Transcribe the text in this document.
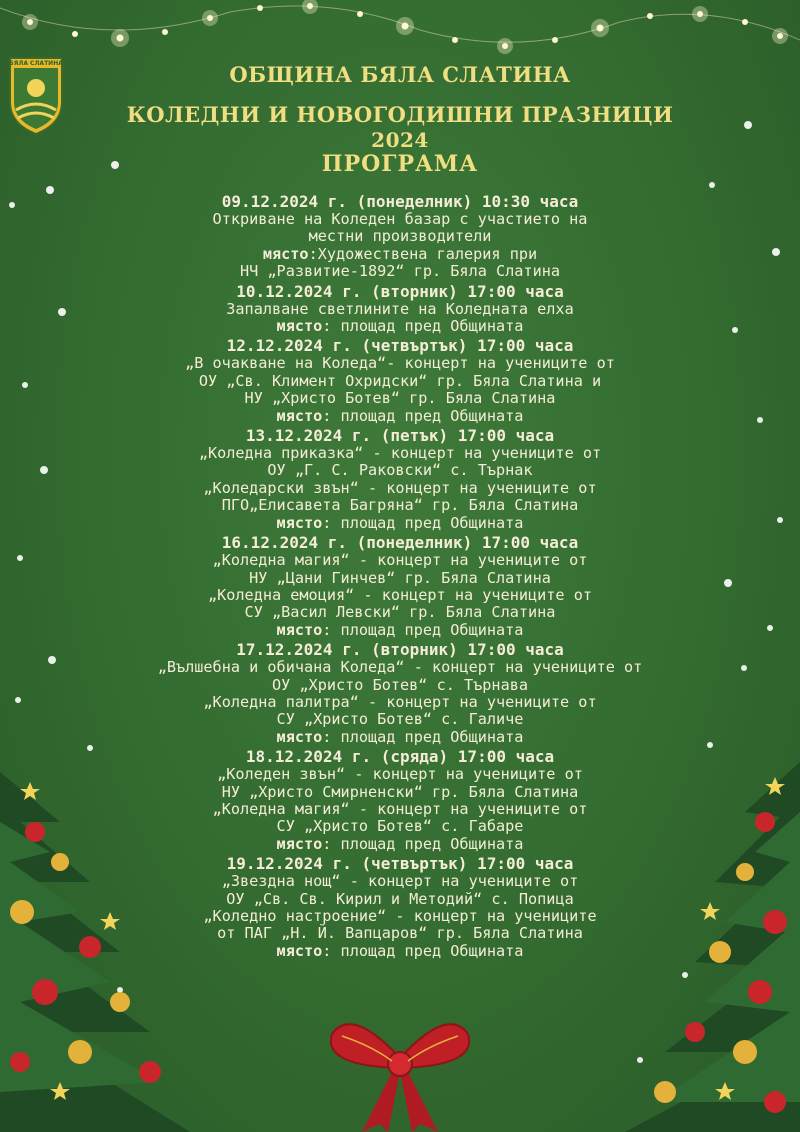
БЯЛА СЛАТИНА	ОБЩИНА БЯЛА СЛАТИНА
КОЛЕДНИ И НОВОГОДИШНИ ПРАЗНИЦИ
2024
ПРОГРАМА
09.12.2024 г. (понеделник) 10:30 часа
Откриване на Коледен базар с участието на
местни производители
място:Художествена галерия при
НЧ „Развитие-1892“ гр. Бяла Слатина
10.12.2024 г. (вторник) 17:00 часа
Запалване светлините на Коледната елха
място: площад пред Общината
12.12.2024 г. (четвъртък) 17:00 часа
„В очакване на Коледа“- концерт на учениците от
ОУ „Св. Климент Охридски“ гр. Бяла Слатина и
НУ „Христо Ботев“ гр. Бяла Слатина
място: площад пред Общината
13.12.2024 г. (петък) 17:00 часа
„Коледна приказка“ - концерт на учениците от
ОУ „Г. С. Раковски“ с. Търнак
„Коледарски звън“ - концерт на учениците от
ПГО„Елисавета Багряна“ гр. Бяла Слатина
място: площад пред Общината
16.12.2024 г. (понеделник) 17:00 часа
„Коледна магия“ - концерт на учениците от
НУ „Цани Гинчев“ гр. Бяла Слатина
„Коледна емоция“ - концерт на учениците от
СУ „Васил Левски“ гр. Бяла Слатина
място: площад пред Общината
17.12.2024 г. (вторник) 17:00 часа
„Вълшебна и обичана Коледа“ - концерт на учениците от
ОУ „Христо Ботев“ с. Търнава
„Коледна палитра“ - концерт на учениците от
СУ „Христо Ботев“ с. Галиче
място: площад пред Общината
18.12.2024 г. (сряда) 17:00 часа
„Коледен звън“ - концерт на учениците от
НУ „Христо Смирненски“ гр. Бяла Слатина
„Коледна магия“ - концерт на учениците от
СУ „Христо Ботев“ с. Габаре
място: площад пред Общината
19.12.2024 г. (четвъртък) 17:00 часа
„Звездна нощ“ - концерт на учениците от
ОУ „Св. Св. Кирил и Методий“ с. Попица
„Коледно настроение“ - концерт на учениците
от ПАГ „Н. Й. Вапцаров“ гр. Бяла Слатина
място: площад пред Общината
